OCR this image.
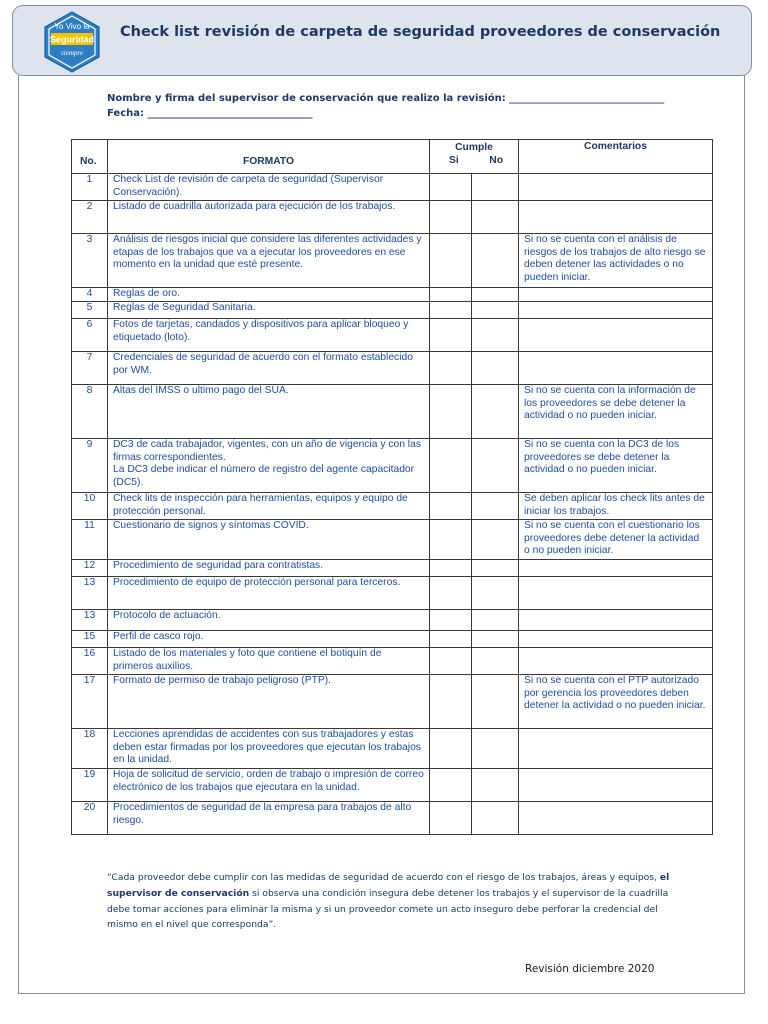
Yo Vivo la
Seguridad
siempre
Check list revisión de carpeta de seguridad proveedores de conservación
Nombre y firma del supervisor de conservación que realizo la revisión: _______________________________
Fecha: _________________________________
No.	FORMATO	Cumple
Si No		Comentarios
1	Check List de revisión de carpeta de seguridad (Supervisor Conservación).			
2	Listado de cuadrilla autorizada para ejecución de los trabajos.			
3	Análisis de riesgos inicial que considere las diferentes actividades y etapas de los trabajos que va a ejecutar los proveedores en ese momento en la unidad que esté presente.			Si no se cuenta con el análisis de riesgos de los trabajos de alto riesgo se deben detener las actividades o no pueden iniciar.
4	Reglas de oro.			
5	Reglas de Seguridad Sanitaria.			
6	Fotos de tarjetas, candados y dispositivos para aplicar bloqueo y etiquetado (loto).			
7	Credenciales de seguridad de acuerdo con el formato establecido por WM.			
8	Altas del IMSS o ultimo pago del SUA.			Si no se cuenta con la información de los proveedores se debe detener la actividad o no pueden iniciar.
9	DC3 de cada trabajador, vigentes, con un año de vigencia y con las firmas correspondientes.
La DC3 debe indicar el número de registro del agente capacitador (DC5).			Si no se cuenta con la DC3 de los proveedores se debe detener la actividad o no pueden iniciar.
10	Check lits de inspección para herramientas, equipos y equipo de protección personal.			Se deben aplicar los check lits antes de iniciar los trabajos.
11	Cuestionario de signos y síntomas COVID.			Si no se cuenta con el cuestionario los proveedores debe detener la actividad o no pueden iniciar.
12	Procedimiento de seguridad para contratistas.			
13	Procedimiento de equipo de protección personal para terceros.			
13	Protocolo de actuación.			
15	Perfil de casco rojo.			
16	Listado de los materiales y foto que contiene el botiquín de primeros auxilios.			
17	Formato de permiso de trabajo peligroso (PTP).			Si no se cuenta con el PTP autorizado por gerencia los proveedores deben detener la actividad o no pueden iniciar.
18	Lecciones aprendidas de accidentes con sus trabajadores y estas deben estar firmadas por los proveedores que ejecutan los trabajos en la unidad.			
19	Hoja de solicitud de servicio, orden de trabajo o impresión de correo electrónico de los trabajos que ejecutara en la unidad.			
20	Procedimientos de seguridad de la empresa para trabajos de alto riesgo.			
“Cada proveedor debe cumplir con las medidas de seguridad de acuerdo con el riesgo de los trabajos, áreas y equipos, el supervisor de conservación si observa una condición insegura debe detener los trabajos y el supervisor de la cuadrilla debe tomar acciones para eliminar la misma y si un proveedor comete un acto inseguro debe perforar la credencial del mismo en el nivel que corresponda”.
Revisión diciembre 2020
